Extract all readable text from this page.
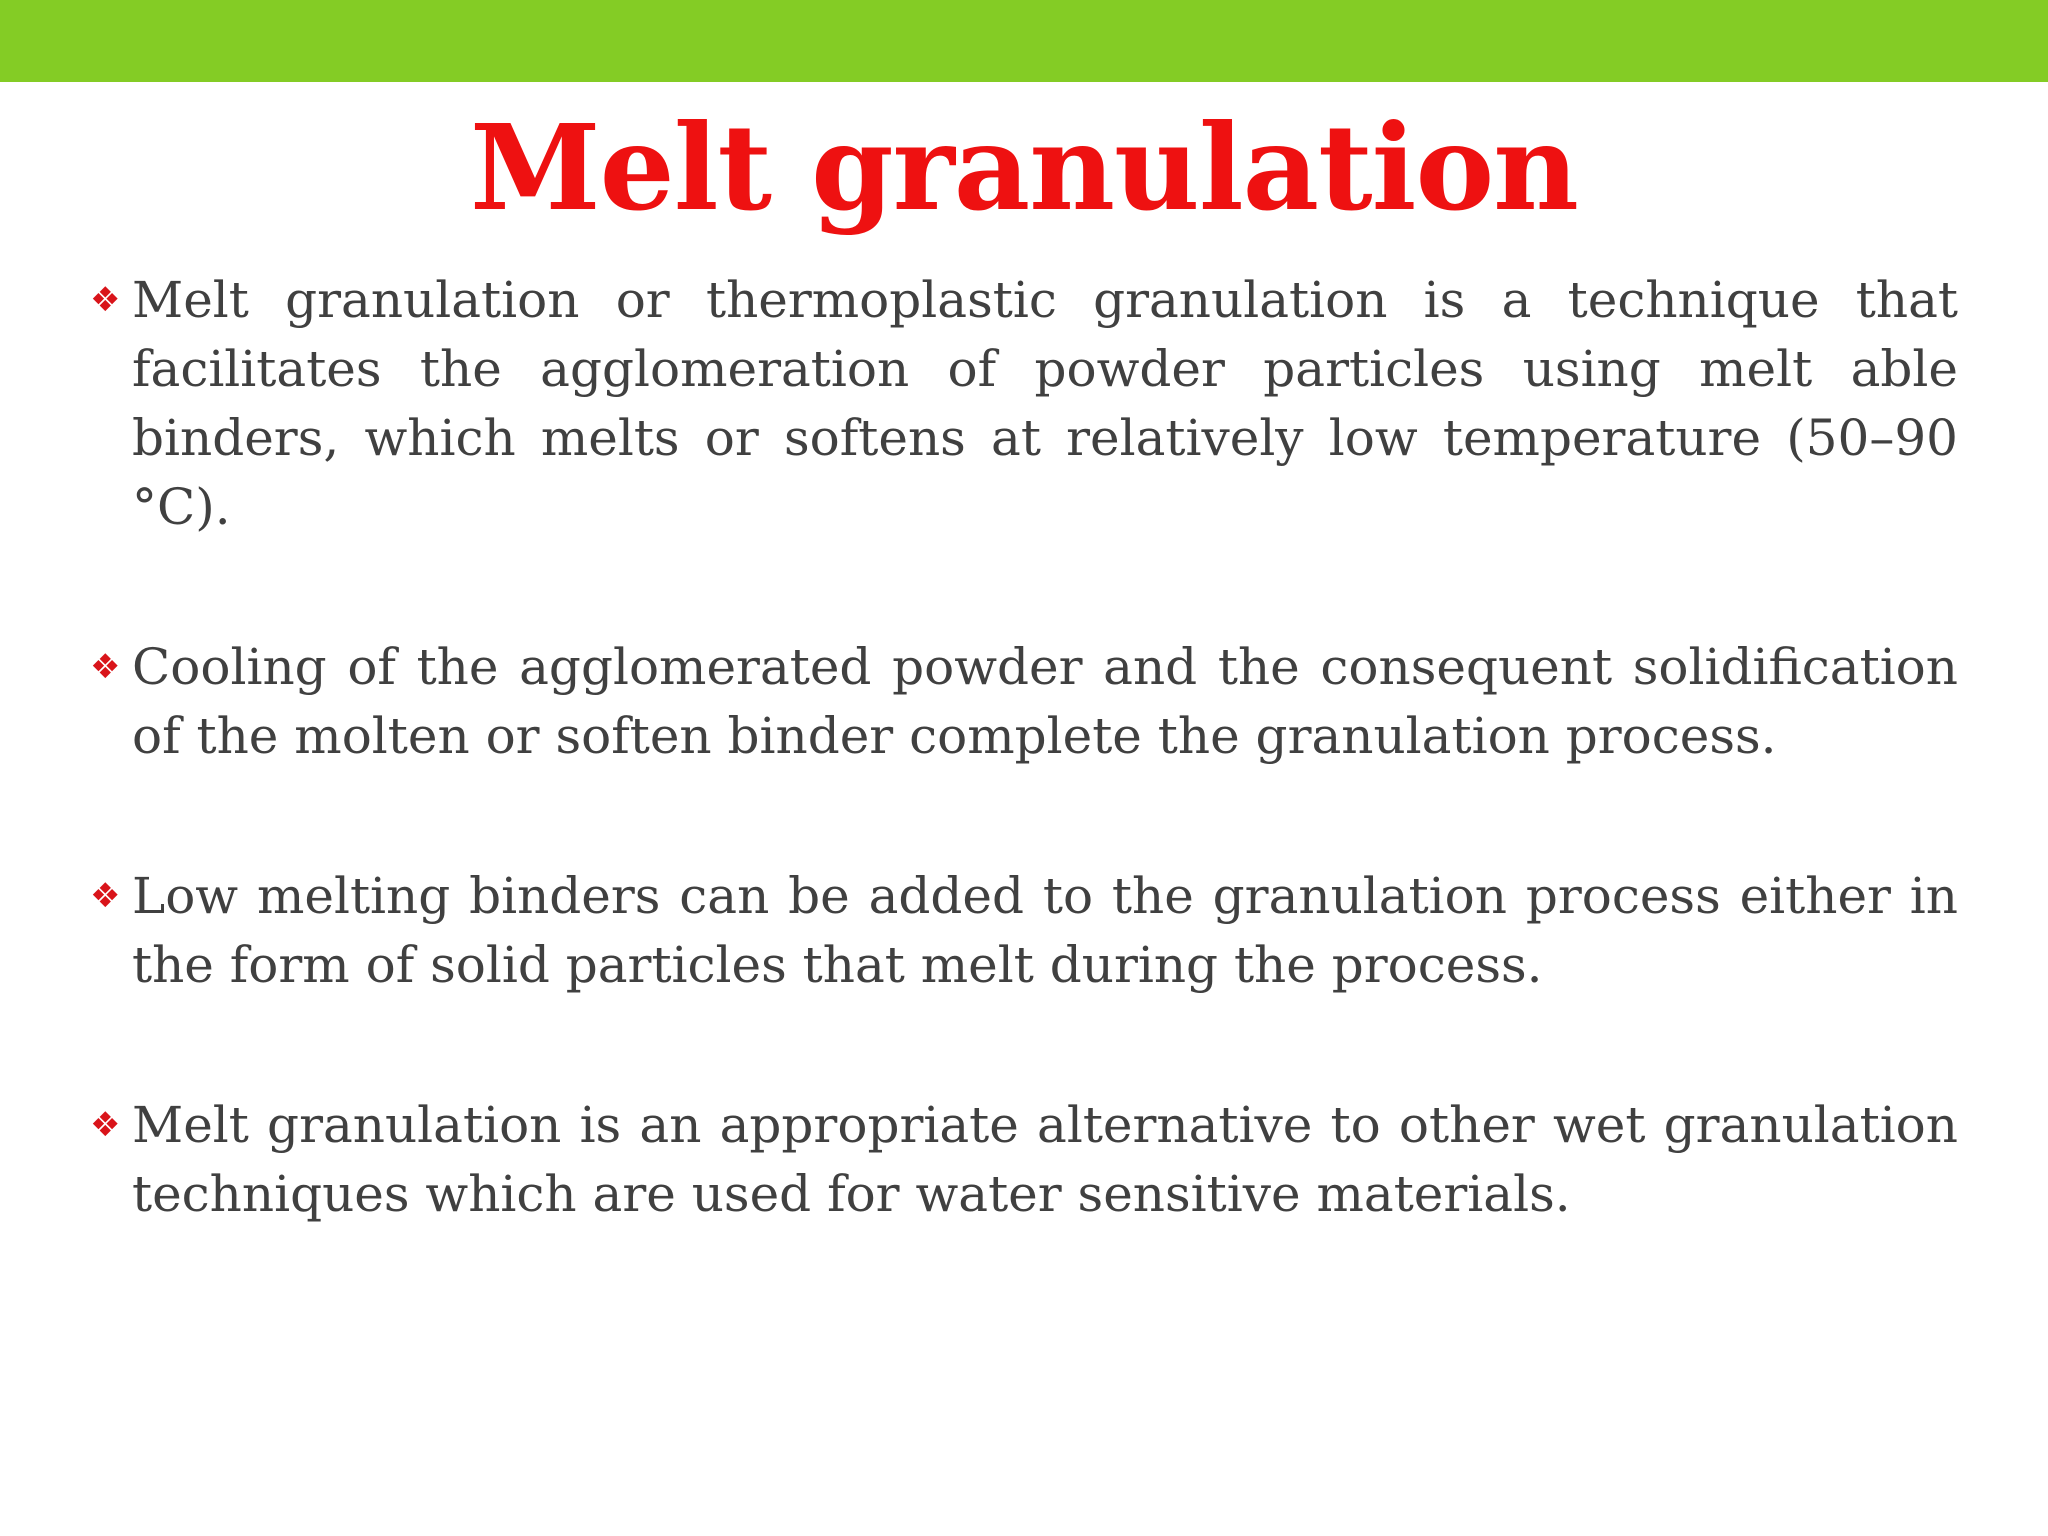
Melt granulation
❖ Melt granulation or thermoplastic granulation is a technique that facilitates the agglomeration of powder particles using melt able binders, which melts or softens at relatively low temperature (50–90 °C).
❖ Cooling of the agglomerated powder and the consequent solidification of the molten or soften binder complete the granulation process.
❖ Low melting binders can be added to the granulation process either in the form of solid particles that melt during the process.
❖ Melt granulation is an appropriate alternative to other wet granulation techniques which are used for water sensitive materials.
